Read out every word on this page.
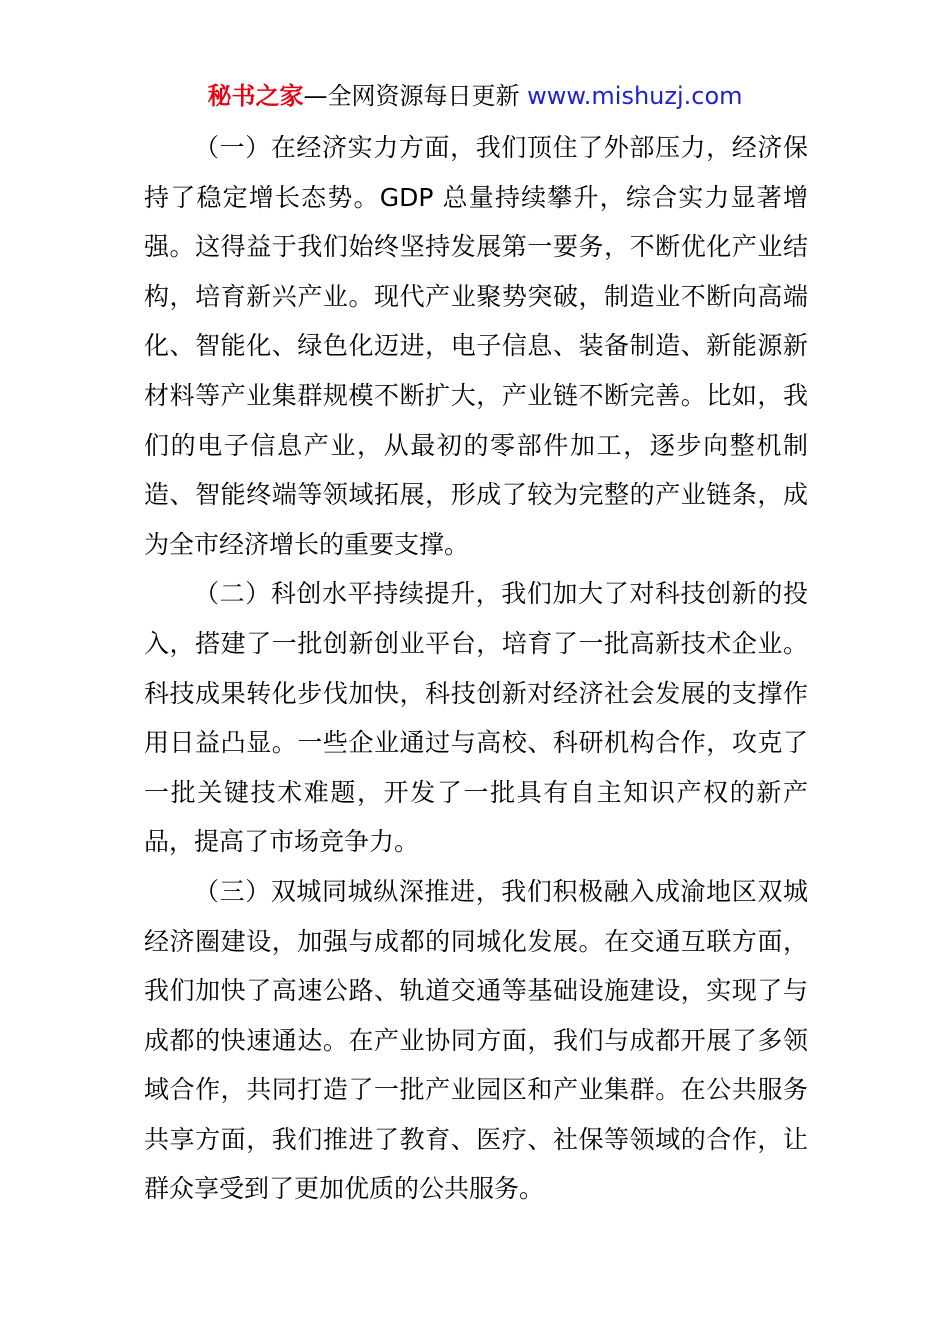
秘书之家—全网资源每日更新 www.mishuzj.com

（一）在经济实力方面，我们顶住了外部压力，经济保持了稳定增长态势。GDP 总量持续攀升，综合实力显著增强。这得益于我们始终坚持发展第一要务，不断优化产业结构，培育新兴产业。现代产业聚势突破，制造业不断向高端化、智能化、绿色化迈进，电子信息、装备制造、新能源新材料等产业集群规模不断扩大，产业链不断完善。比如，我们的电子信息产业，从最初的零部件加工，逐步向整机制造、智能终端等领域拓展，形成了较为完整的产业链条，成为全市经济增长的重要支撑。

（二）科创水平持续提升，我们加大了对科技创新的投入，搭建了一批创新创业平台，培育了一批高新技术企业。科技成果转化步伐加快，科技创新对经济社会发展的支撑作用日益凸显。一些企业通过与高校、科研机构合作，攻克了一批关键技术难题，开发了一批具有自主知识产权的新产品，提高了市场竞争力。

（三）双城同城纵深推进，我们积极融入成渝地区双城经济圈建设，加强与成都的同城化发展。在交通互联方面，我们加快了高速公路、轨道交通等基础设施建设，实现了与成都的快速通达。在产业协同方面，我们与成都开展了多领域合作，共同打造了一批产业园区和产业集群。在公共服务共享方面，我们推进了教育、医疗、社保等领域的合作，让群众享受到了更加优质的公共服务。
